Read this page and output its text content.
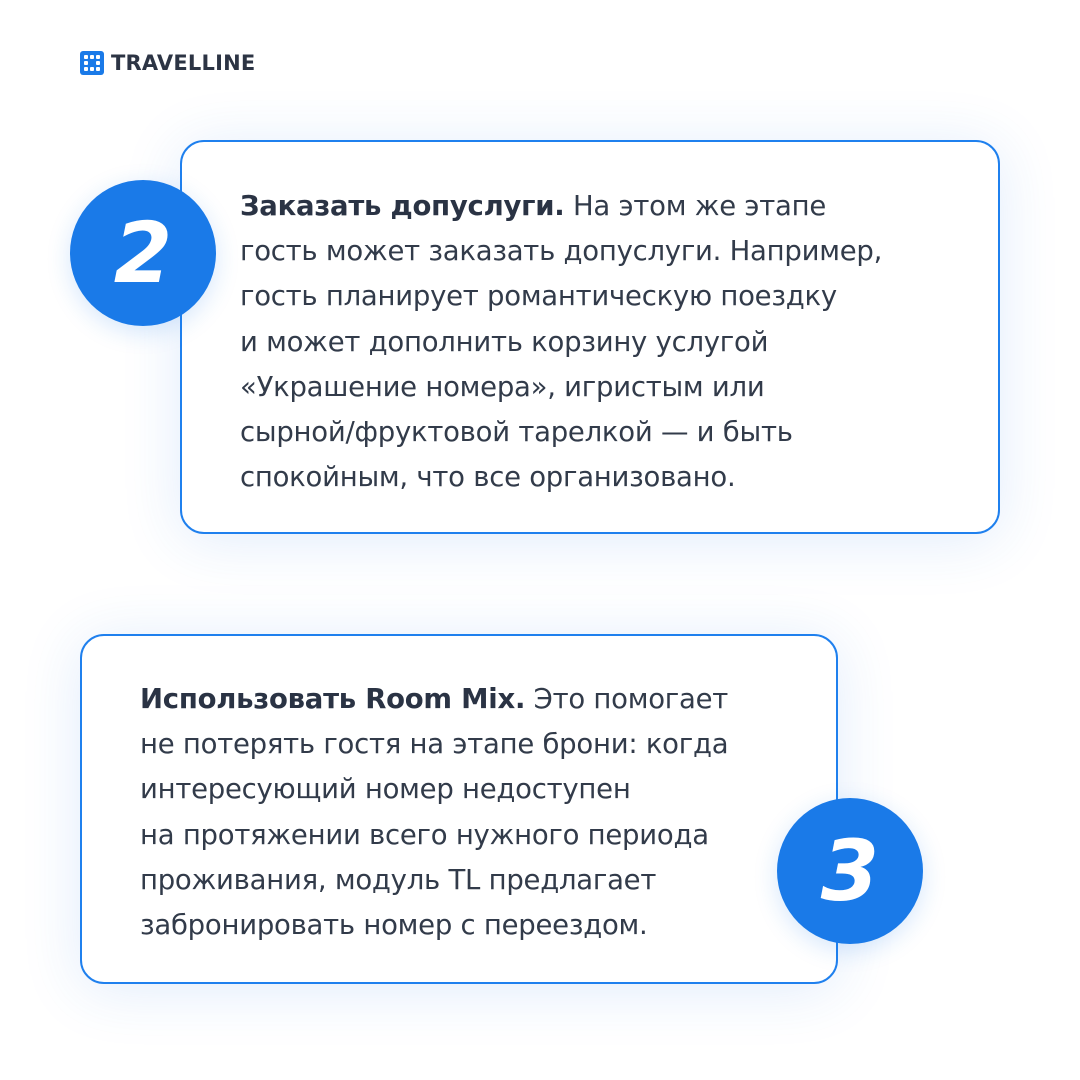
TRAVELLINE

Заказать допуслуги. На этом же этапе
гость может заказать допуслуги. Например,
гость планирует романтическую поездку
и может дополнить корзину услугой
«Украшение номера», игристым или
сырной/фруктовой тарелкой — и быть
спокойным, что все организовано.

2

Использовать Room Mix. Это помогает
не потерять гостя на этапе брони: когда
интересующий номер недоступен
на протяжении всего нужного периода
проживания, модуль TL предлагает
забронировать номер с переездом.

3
